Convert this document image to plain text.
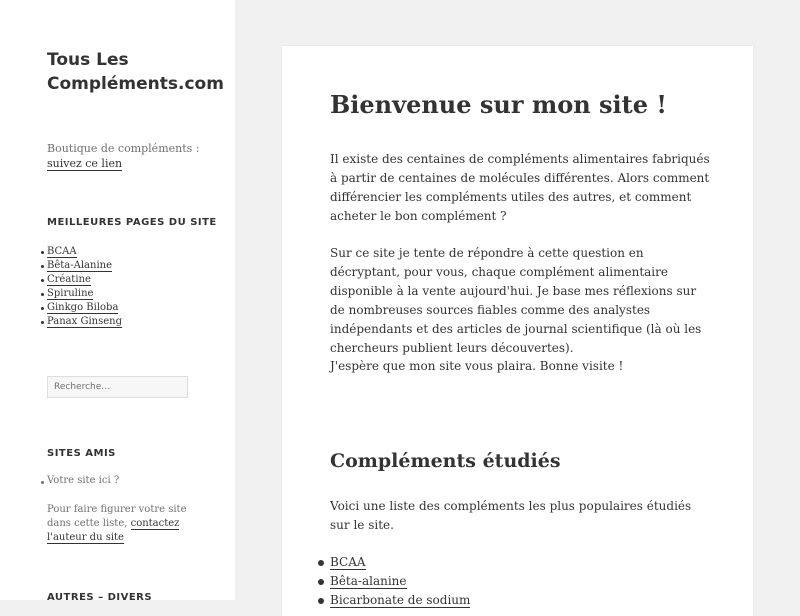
Tous Les Compléments.com
Boutique de compléments :
suivez ce lien
MEILLEURES PAGES DU SITE
BCAA
Bêta-Alanine
Créatine
Spiruline
Ginkgo Biloba
Panax Ginseng
Recherche…
SITES AMIS
Votre site ici ?
Pour faire figurer votre site dans cette liste, contactez l'auteur du site
AUTRES – DIVERS
Bienvenue sur mon site !

Il existe des centaines de compléments alimentaires fabriqués à partir de centaines de molécules différentes. Alors comment différencier les compléments utiles des autres, et comment acheter le bon complément ?

Sur ce site je tente de répondre à cette question en décryptant, pour vous, chaque complément alimentaire disponible à la vente aujourd'hui. Je base mes réflexions sur de nombreuses sources fiables comme des analystes indépendants et des articles de journal scientifique (là où les chercheurs publient leurs découvertes).

J'espère que mon site vous plaira. Bonne visite !

Compléments étudiés

Voici une liste des compléments les plus populaires étudiés sur le site.

BCAA
Bêta-alanine
Bicarbonate de sodium
